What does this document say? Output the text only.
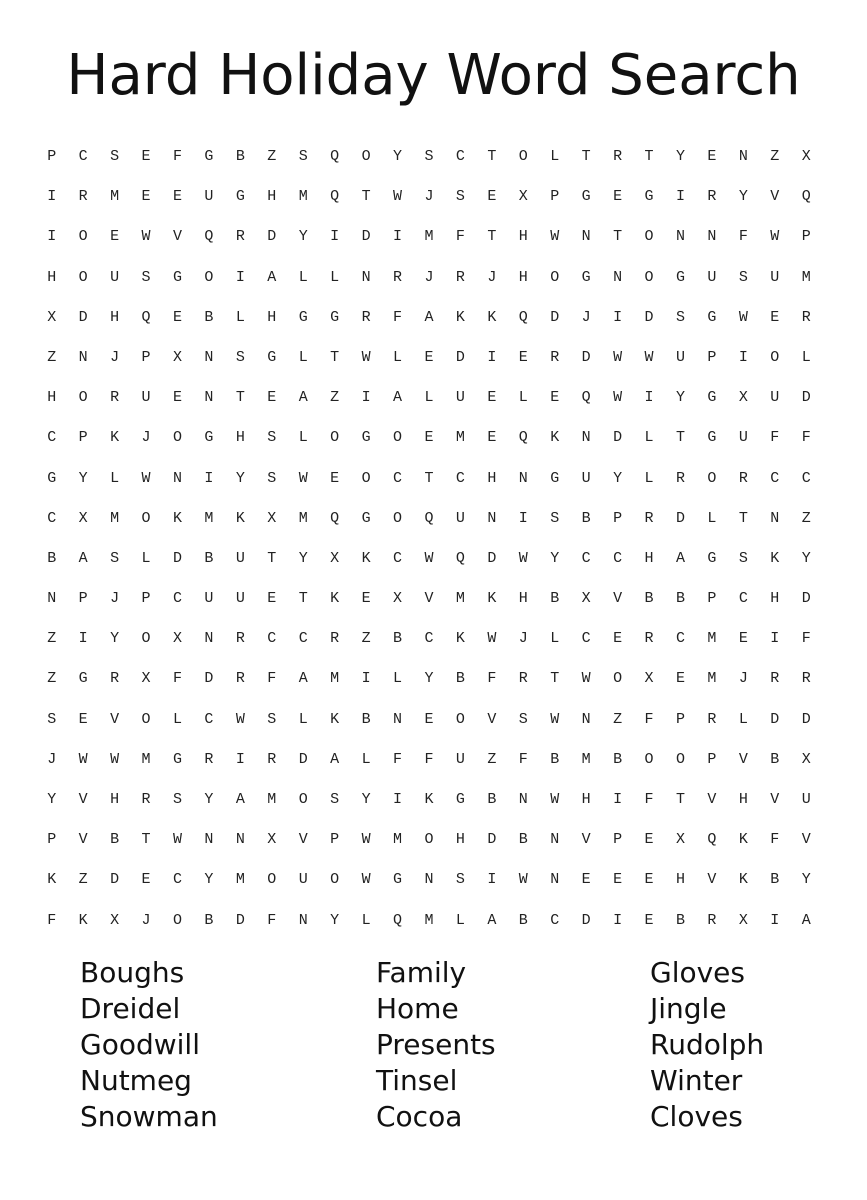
Hard Holiday Word Search
P	C	S	E	F	G	B	Z	S	Q	O	Y	S	C	T	O	L	T	R	T	Y	E	N	Z	X
I	R	M	E	E	U	G	H	M	Q	T	W	J	S	E	X	P	G	E	G	I	R	Y	V	Q
I	O	E	W	V	Q	R	D	Y	I	D	I	M	F	T	H	W	N	T	O	N	N	F	W	P
H	O	U	S	G	O	I	A	L	L	N	R	J	R	J	H	O	G	N	O	G	U	S	U	M
X	D	H	Q	E	B	L	H	G	G	R	F	A	K	K	Q	D	J	I	D	S	G	W	E	R
Z	N	J	P	X	N	S	G	L	T	W	L	E	D	I	E	R	D	W	W	U	P	I	O	L
H	O	R	U	E	N	T	E	A	Z	I	A	L	U	E	L	E	Q	W	I	Y	G	X	U	D
C	P	K	J	O	G	H	S	L	O	G	O	E	M	E	Q	K	N	D	L	T	G	U	F	F
G	Y	L	W	N	I	Y	S	W	E	O	C	T	C	H	N	G	U	Y	L	R	O	R	C	C
C	X	M	O	K	M	K	X	M	Q	G	O	Q	U	N	I	S	B	P	R	D	L	T	N	Z
B	A	S	L	D	B	U	T	Y	X	K	C	W	Q	D	W	Y	C	C	H	A	G	S	K	Y
N	P	J	P	C	U	U	E	T	K	E	X	V	M	K	H	B	X	V	B	B	P	C	H	D
Z	I	Y	O	X	N	R	C	C	R	Z	B	C	K	W	J	L	C	E	R	C	M	E	I	F
Z	G	R	X	F	D	R	F	A	M	I	L	Y	B	F	R	T	W	O	X	E	M	J	R	R
S	E	V	O	L	C	W	S	L	K	B	N	E	O	V	S	W	N	Z	F	P	R	L	D	D
J	W	W	M	G	R	I	R	D	A	L	F	F	U	Z	F	B	M	B	O	O	P	V	B	X
Y	V	H	R	S	Y	A	M	O	S	Y	I	K	G	B	N	W	H	I	F	T	V	H	V	U
P	V	B	T	W	N	N	X	V	P	W	M	O	H	D	B	N	V	P	E	X	Q	K	F	V
K	Z	D	E	C	Y	M	O	U	O	W	G	N	S	I	W	N	E	E	E	H	V	K	B	Y
F	K	X	J	O	B	D	F	N	Y	L	Q	M	L	A	B	C	D	I	E	B	R	X	I	A
Boughs
Dreidel
Goodwill
Nutmeg
Snowman
Family
Home
Presents
Tinsel
Cocoa
Gloves
Jingle
Rudolph
Winter
Cloves
